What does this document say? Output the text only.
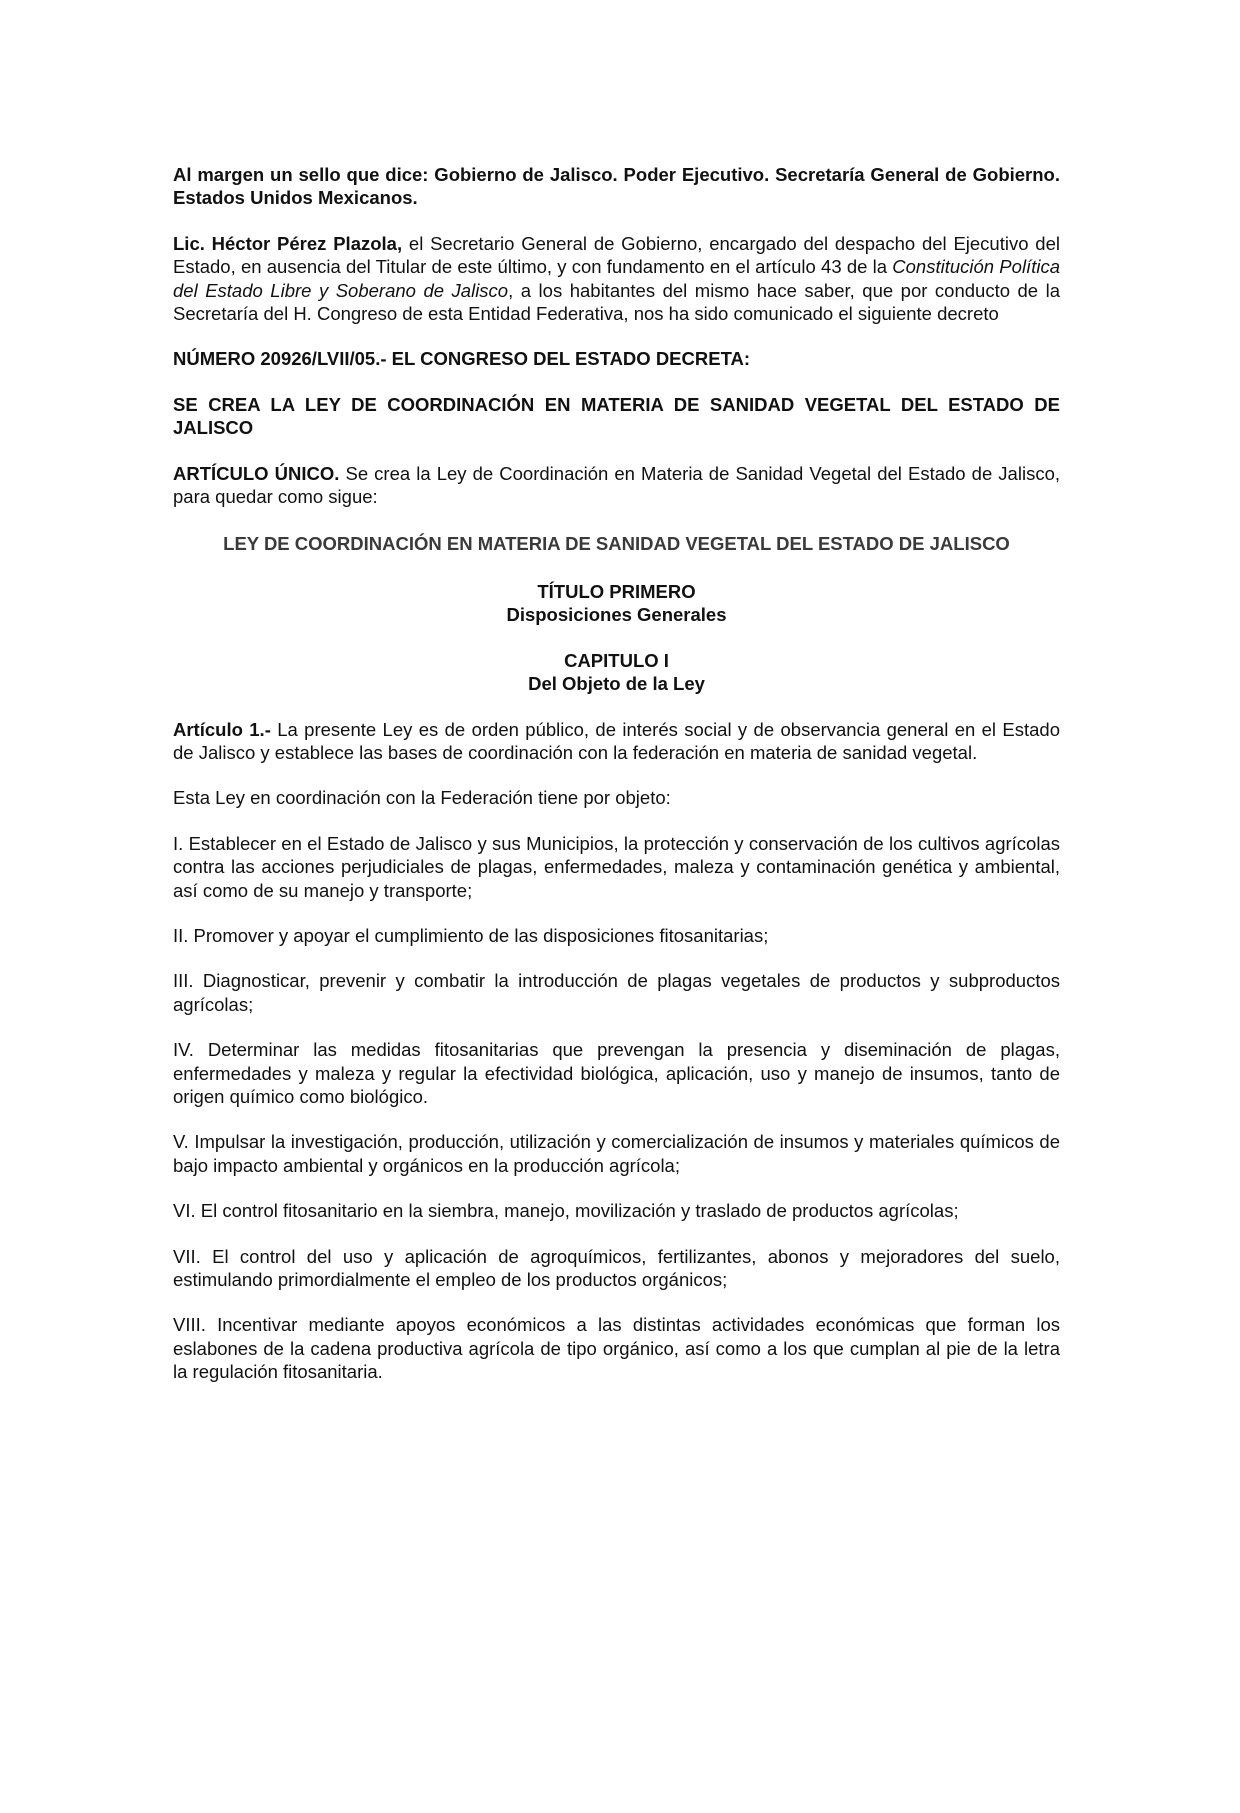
Al margen un sello que dice: Gobierno de Jalisco. Poder Ejecutivo. Secretaría General de Gobierno. Estados Unidos Mexicanos.

Lic. Héctor Pérez Plazola, el Secretario General de Gobierno, encargado del despacho del Ejecutivo del Estado, en ausencia del Titular de este último, y con fundamento en el artículo 43 de la Constitución Política del Estado Libre y Soberano de Jalisco, a los habitantes del mismo hace saber, que por conducto de la Secretaría del H. Congreso de esta Entidad Federativa, nos ha sido comunicado el siguiente decreto

NÚMERO 20926/LVII/05.- EL CONGRESO DEL ESTADO DECRETA:

SE CREA LA LEY DE COORDINACIÓN EN MATERIA DE SANIDAD VEGETAL DEL ESTADO DE JALISCO

ARTÍCULO ÚNICO. Se crea la Ley de Coordinación en Materia de Sanidad Vegetal del Estado de Jalisco, para quedar como sigue:

LEY DE COORDINACIÓN EN MATERIA DE SANIDAD VEGETAL DEL ESTADO DE JALISCO

TÍTULO PRIMERO

Disposiciones Generales

CAPITULO I

Del Objeto de la Ley

Artículo 1.- La presente Ley es de orden público, de interés social y de observancia general en el Estado de Jalisco y establece las bases de coordinación con la federación en materia de sanidad vegetal.

Esta Ley en coordinación con la Federación tiene por objeto:

I. Establecer en el Estado de Jalisco y sus Municipios, la protección y conservación de los cultivos agrícolas contra las acciones perjudiciales de plagas, enfermedades, maleza y contaminación genética y ambiental, así como de su manejo y transporte;

II. Promover y apoyar el cumplimiento de las disposiciones fitosanitarias;

III. Diagnosticar, prevenir y combatir la introducción de plagas vegetales de productos y subproductos agrícolas;

IV. Determinar las medidas fitosanitarias que prevengan la presencia y diseminación de plagas, enfermedades y maleza y regular la efectividad biológica, aplicación, uso y manejo de insumos, tanto de origen químico como biológico.

V. Impulsar la investigación, producción, utilización y comercialización de insumos y materiales químicos de bajo impacto ambiental y orgánicos en la producción agrícola;

VI. El control fitosanitario en la siembra, manejo, movilización y traslado de productos agrícolas;

VII. El control del uso y aplicación de agroquímicos, fertilizantes, abonos y mejoradores del suelo, estimulando primordialmente el empleo de los productos orgánicos;

VIII. Incentivar mediante apoyos económicos a las distintas actividades económicas que forman los eslabones de la cadena productiva agrícola de tipo orgánico, así como a los que cumplan al pie de la letra la regulación fitosanitaria.
